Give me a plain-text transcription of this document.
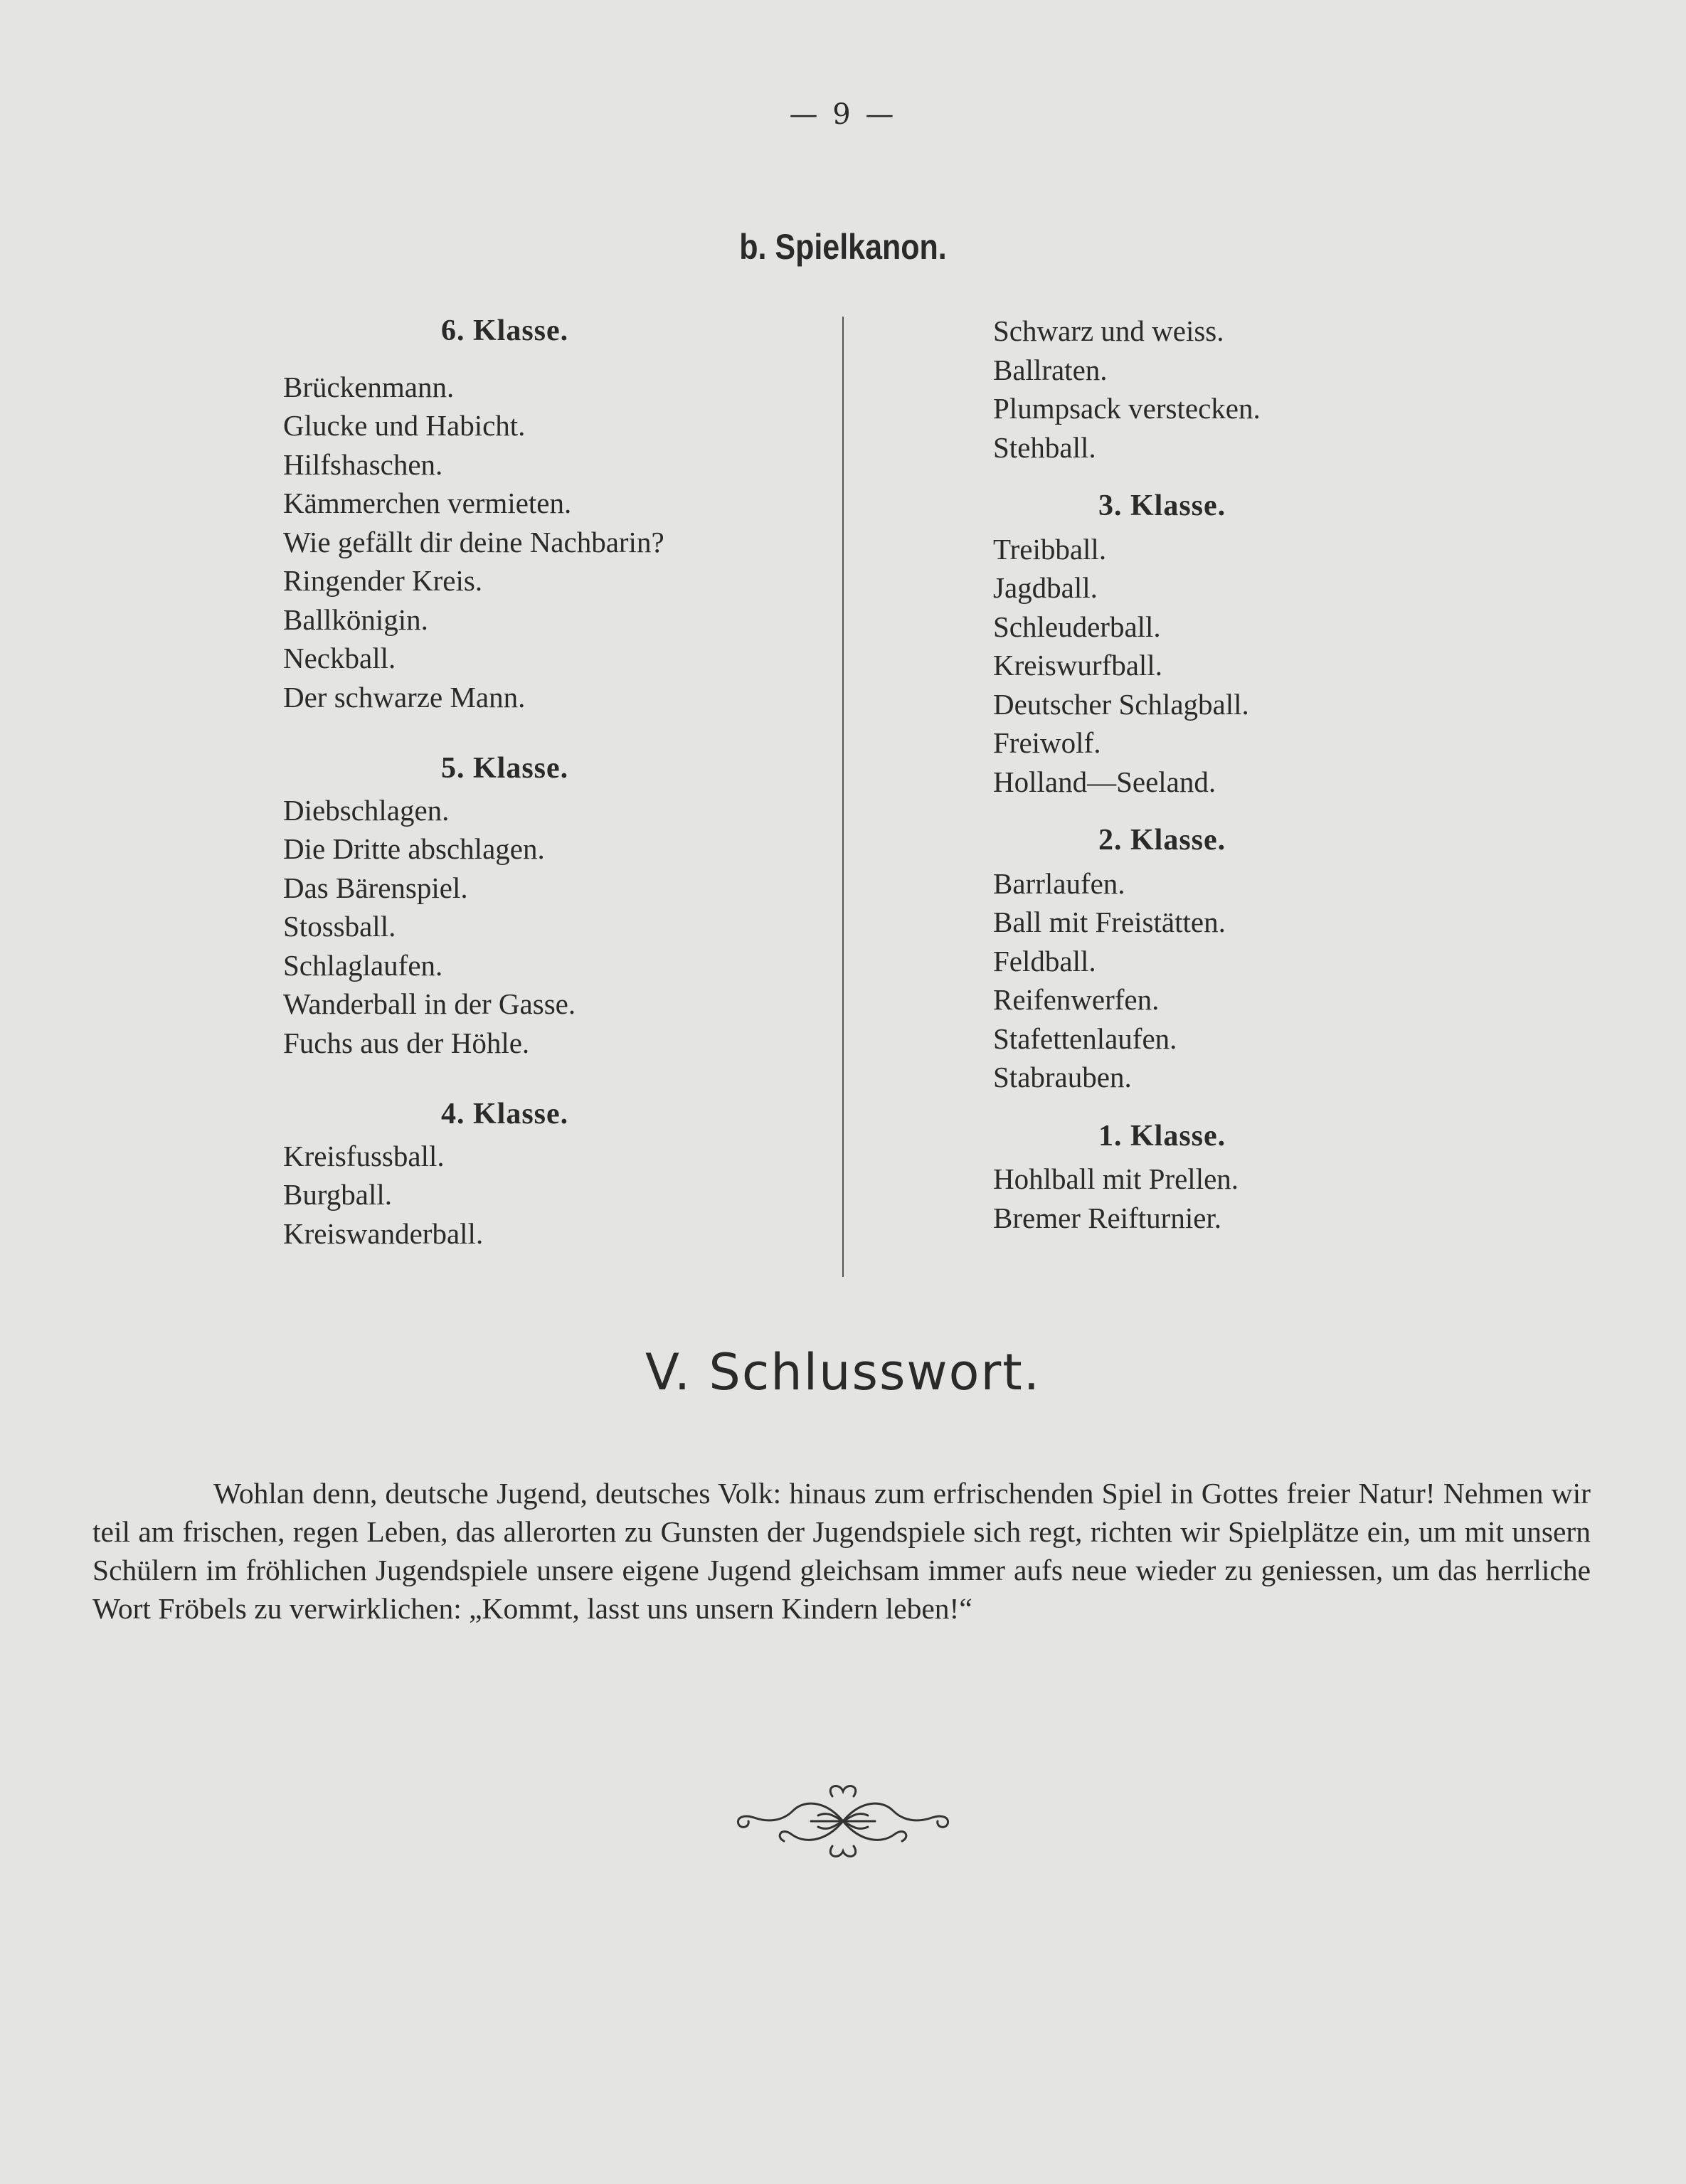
— 9 —
b. Spielkanon.
6. Klasse.
Brückenmann.
Glucke und Habicht.
Hilfshaschen.
Kämmerchen vermieten.
Wie gefällt dir deine Nachbarin?
Ringender Kreis.
Ballkönigin.
Neckball.
Der schwarze Mann.
5. Klasse.
Diebschlagen.
Die Dritte abschlagen.
Das Bärenspiel.
Stossball.
Schlaglaufen.
Wanderball in der Gasse.
Fuchs aus der Höhle.
4. Klasse.
Kreisfussball.
Burgball.
Kreiswanderball.
Schwarz und weiss.
Ballraten.
Plumpsack verstecken.
Stehball.
3. Klasse.
Treibball.
Jagdball.
Schleuderball.
Kreiswurfball.
Deutscher Schlagball.
Freiwolf.
Holland—Seeland.
2. Klasse.
Barrlaufen.
Ball mit Freistätten.
Feldball.
Reifenwerfen.
Stafettenlaufen.
Stabrauben.
1. Klasse.
Hohlball mit Prellen.
Bremer Reifturnier.
V. Schlusswort.

Wohlan denn, deutsche Jugend, deutsches Volk: hinaus zum erfrischenden Spiel in Gottes freier Natur! Nehmen wir teil am frischen, regen Leben, das allerorten zu Gunsten der Jugendspiele sich regt, richten wir Spielplätze ein, um mit unsern Schülern im fröhlichen Jugendspiele unsere eigene Jugend gleichsam immer aufs neue wieder zu geniessen, um das herrliche Wort Fröbels zu verwirklichen: „Kommt, lasst uns unsern Kindern leben!“
